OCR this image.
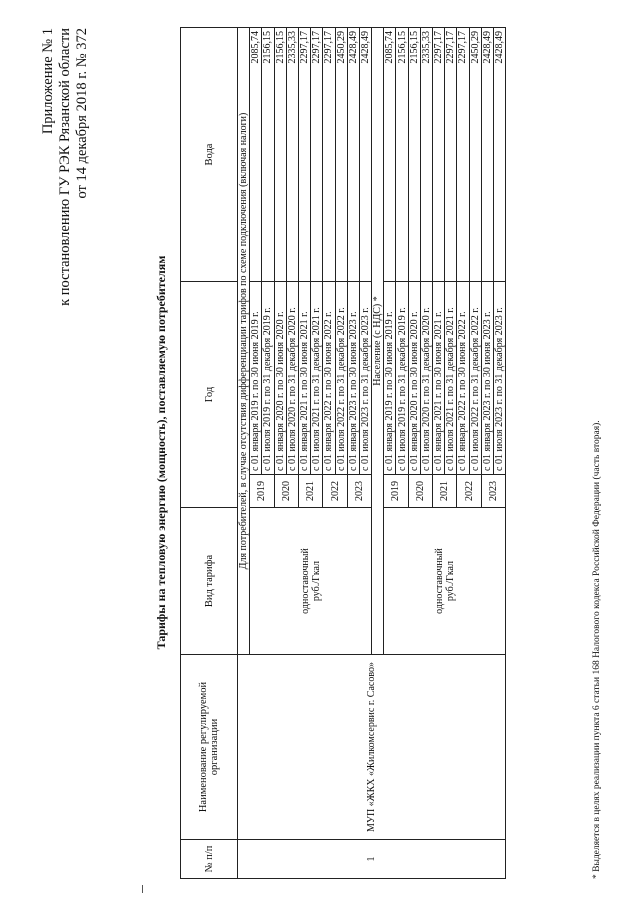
Приложение № 1 к постановлению ГУ РЭК Рязанской области от 14 декабря 2018 г. № 372
Тарифы на тепловую энергию (мощность), поставляемую потребителям
№ п/п	Наименование регулируемой организации	Вид тарифа	Год		Вода
1	МУП «ЖКХ «Жилкомсервис г. Сасово»	Для потребителей, в случае отсутствия дифференциации тарифов по схеме подключения (включая налоги)			

		одноставочный руб./Гкал	2019	с 01 января 2019 г. по 30 июня 2019 г.	2085,74
				с 01 июля 2019 г. по 31 декабря 2019 г.	2156,15
			2020	с 01 января 2020 г. по 30 июня 2020 г.	2156,15
				с 01 июля 2020 г. по 31 декабря 2020 г.	2335,33
			2021	с 01 января 2021 г. по 30 июня 2021 г.	2297,17
				с 01 июля 2021 г. по 31 декабря 2021 г.	2297,17
			2022	с 01 января 2022 г. по 30 июня 2022 г.	2297,17
				с 01 июля 2022 г. по 31 декабря 2022 г.	2450,29
			2023	с 01 января 2023 г. по 30 июня 2023 г.	2428,49
				с 01 июля 2023 г. по 31 декабря 2023 г.	2428,49
		Население (с НДС) *			

		одноставочный руб./Гкал	2019	с 01 января 2019 г. по 30 июня 2019 г.	2085,74
				с 01 июля 2019 г. по 31 декабря 2019 г.	2156,15
			2020	с 01 января 2020 г. по 30 июня 2020 г.	2156,15
				с 01 июля 2020 г. по 31 декабря 2020 г.	2335,33
			2021	с 01 января 2021 г. по 30 июня 2021 г.	2297,17
				с 01 июля 2021 г. по 31 декабря 2021 г.	2297,17
			2022	с 01 января 2022 г. по 30 июня 2022 г.	2297,17
				с 01 июля 2022 г. по 31 декабря 2022 г.	2450,29
			2023	с 01 января 2023 г. по 30 июня 2023 г.	2428,49
				с 01 июля 2023 г. по 31 декабря 2023 г.	2428,49
* Выделяется в целях реализации пункта 6 статьи 168 Налогового кодекса Российской Федерации (часть вторая).
